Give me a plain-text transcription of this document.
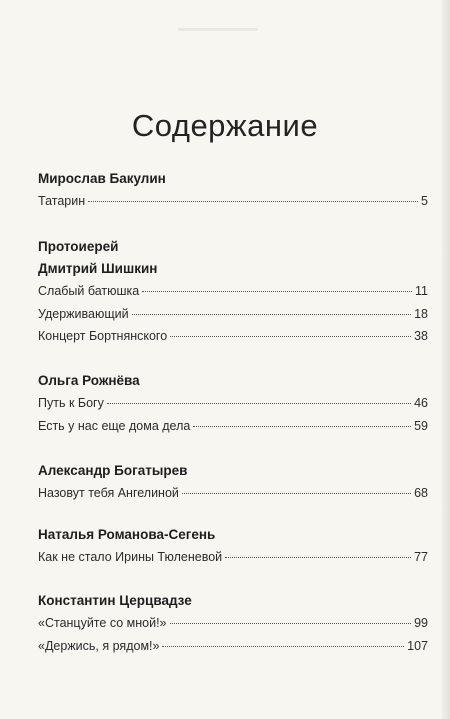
Содержание

Мирослав Бакулин

Татарин	5

Протоиерей

Дмитрий Шишкин

Слабый батюшка	11
Удерживающий	18
Концерт Бортнянского	38

Ольга Рожнёва

Путь к Богу	46
Есть у нас еще дома дела	59

Александр Богатырев

Назовут тебя Ангелиной	68

Наталья Романова-Сегень

Как не стало Ирины Тюленевой	77

Константин Церцвадзе

«Станцуйте со мной!»	99
«Держись, я рядом!»	107
